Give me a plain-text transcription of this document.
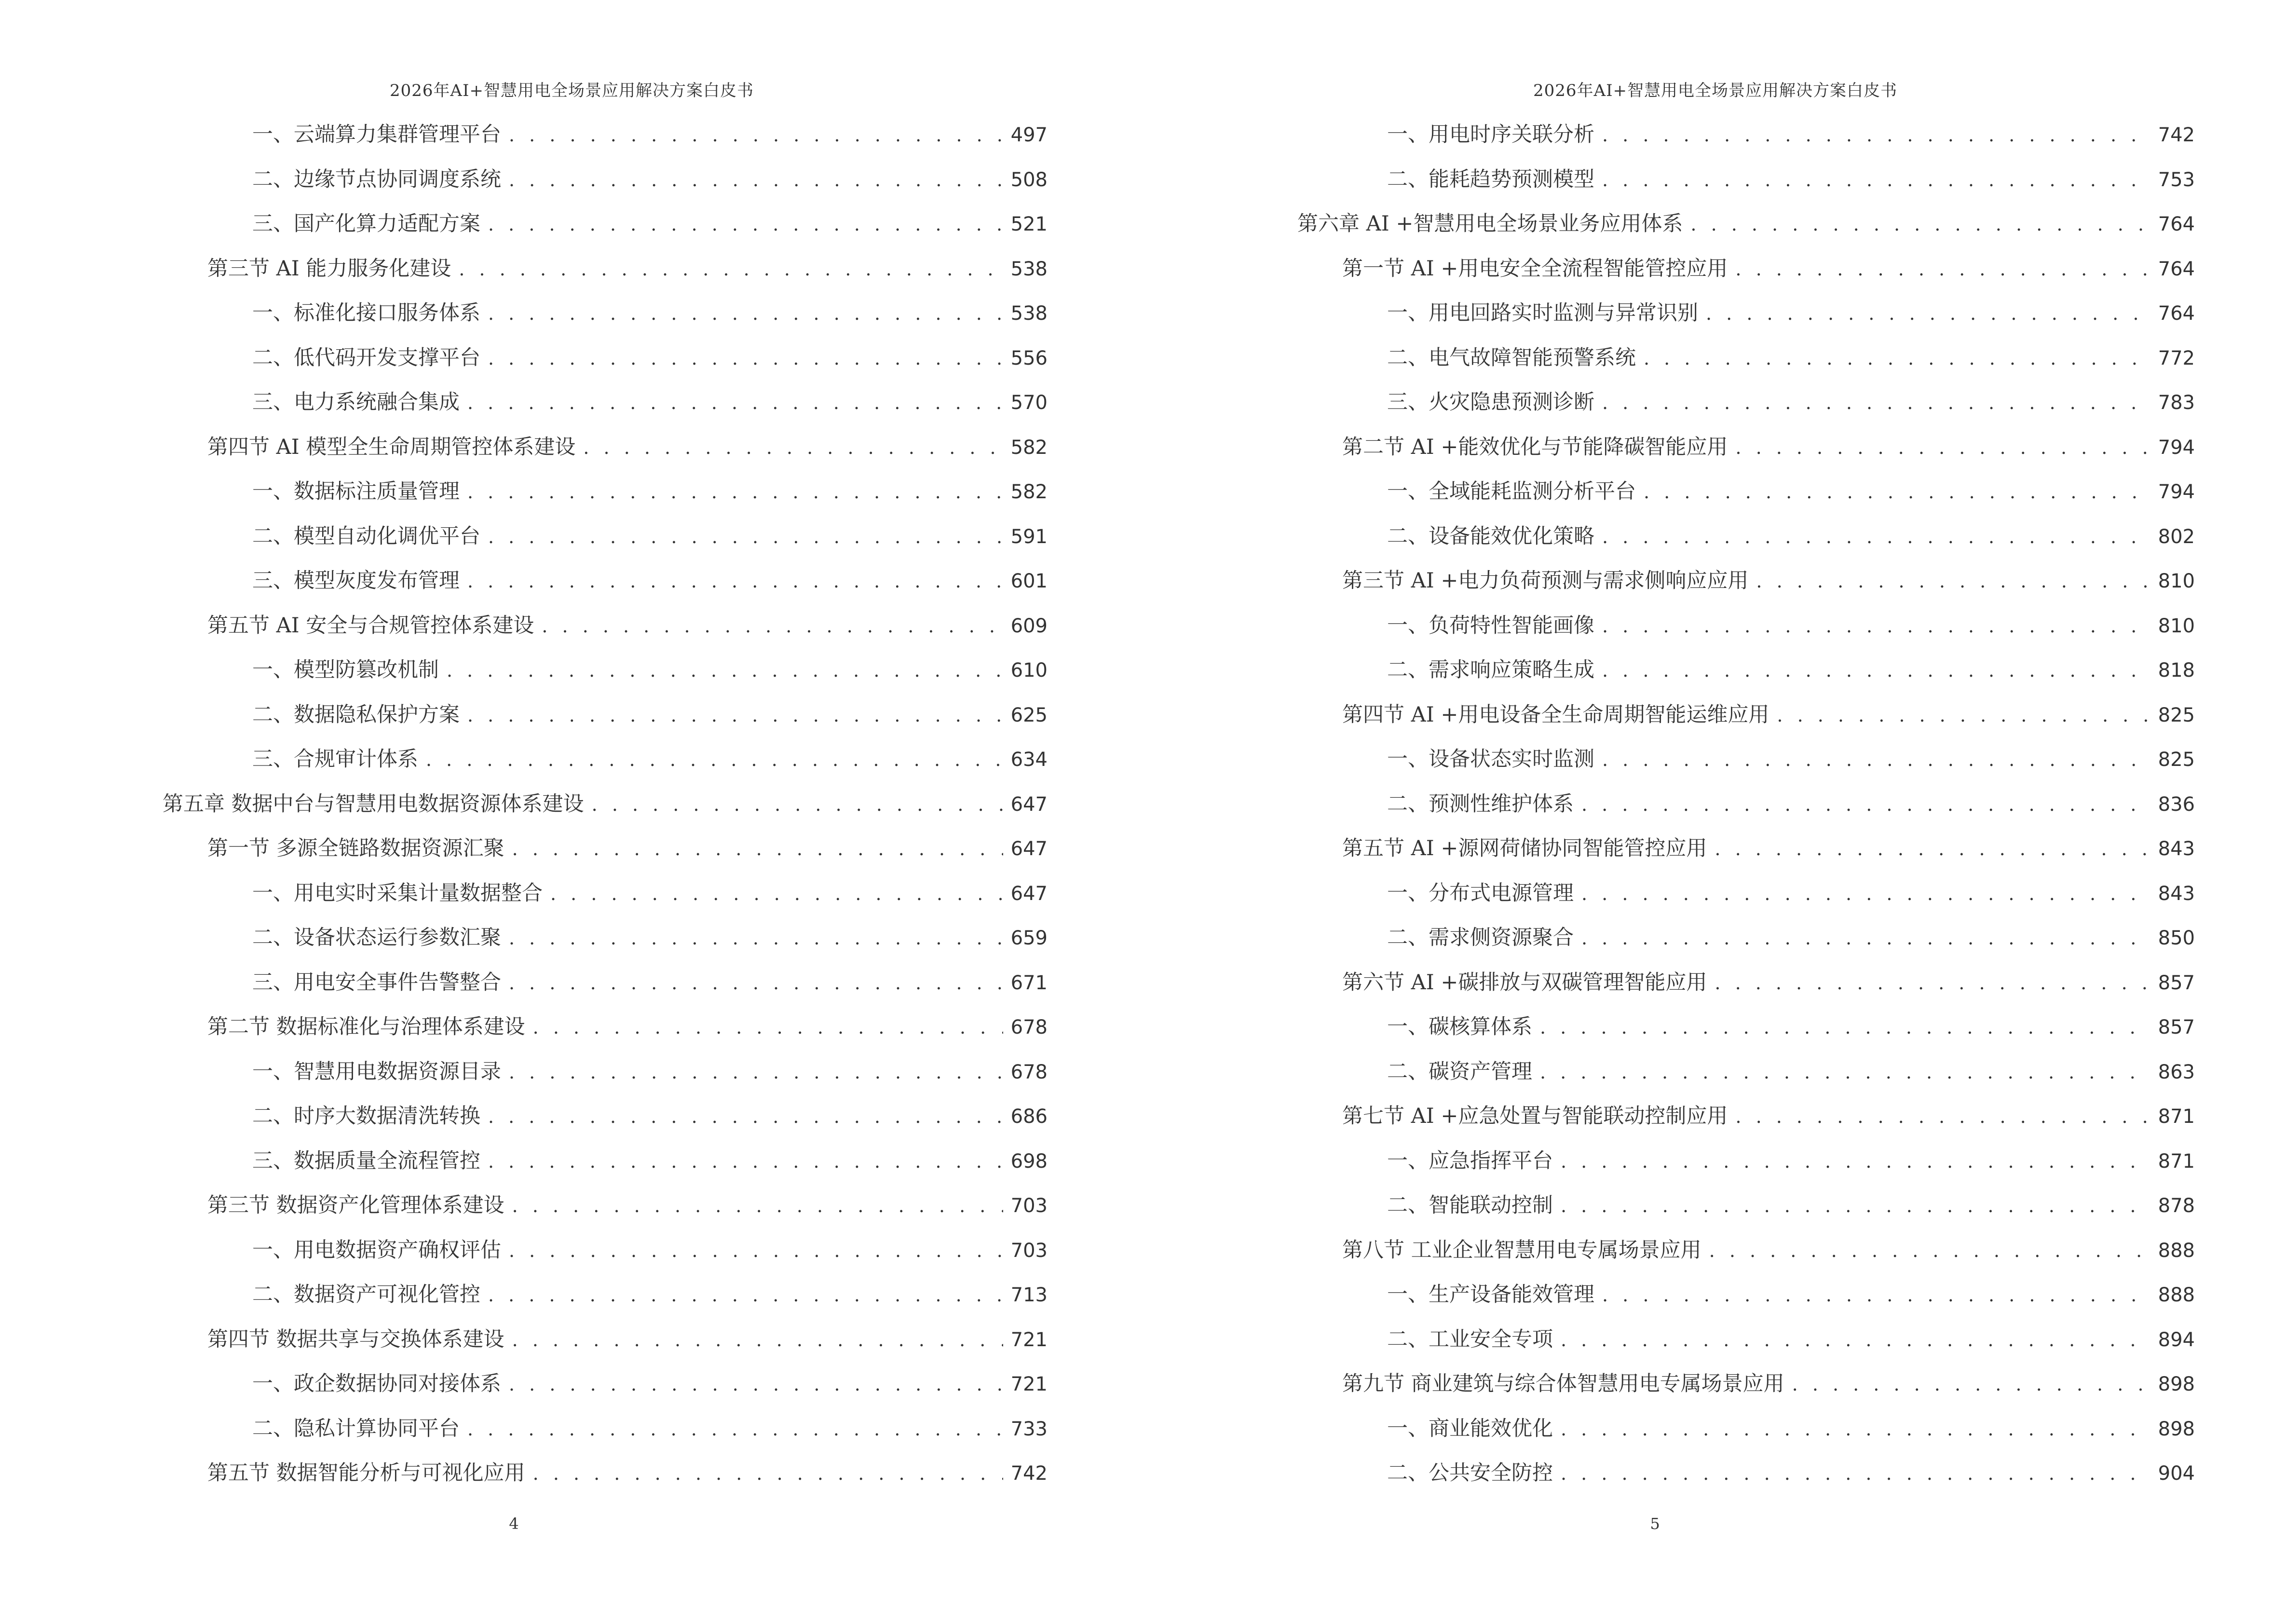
2026年AI+智慧用电全场景应用解决方案白皮书
一、云端算力集群管理平台 . . .	497
二、边缘节点协同调度系统 . . .	508
三、国产化算力适配方案 . . .	521
第三节 AI 能力服务化建设 . . .	538
一、标准化接口服务体系 . . .	538
二、低代码开发支撑平台 . . .	556
三、电力系统融合集成 . . .	570
第四节 AI 模型全生命周期管控体系建设 . . .	582
一、数据标注质量管理 . . .	582
二、模型自动化调优平台 . . .	591
三、模型灰度发布管理 . . .	601
第五节 AI 安全与合规管控体系建设 . . .	609
一、模型防篡改机制 . . .	610
二、数据隐私保护方案 . . .	625
三、合规审计体系 . . .	634
第五章 数据中台与智慧用电数据资源体系建设 . . .	647
第一节 多源全链路数据资源汇聚 . . .	647
一、用电实时采集计量数据整合 . . .	647
二、设备状态运行参数汇聚 . . .	659
三、用电安全事件告警整合 . . .	671
第二节 数据标准化与治理体系建设 . . .	678
一、智慧用电数据资源目录 . . .	678
二、时序大数据清洗转换 . . .	686
三、数据质量全流程管控 . . .	698
第三节 数据资产化管理体系建设 . . .	703
一、用电数据资产确权评估 . . .	703
二、数据资产可视化管控 . . .	713
第四节 数据共享与交换体系建设 . . .	721
一、政企数据协同对接体系 . . .	721
二、隐私计算协同平台 . . .	733
第五节 数据智能分析与可视化应用 . . .	742
4
2026年AI+智慧用电全场景应用解决方案白皮书
一、用电时序关联分析 . . .	742
二、能耗趋势预测模型 . . .	753
第六章 AI +智慧用电全场景业务应用体系 . . .	764
第一节 AI +用电安全全流程智能管控应用 . . .	764
一、用电回路实时监测与异常识别 . . .	764
二、电气故障智能预警系统 . . .	772
三、火灾隐患预测诊断 . . .	783
第二节 AI +能效优化与节能降碳智能应用 . . .	794
一、全域能耗监测分析平台 . . .	794
二、设备能效优化策略 . . .	802
第三节 AI +电力负荷预测与需求侧响应应用 . . .	810
一、负荷特性智能画像 . . .	810
二、需求响应策略生成 . . .	818
第四节 AI +用电设备全生命周期智能运维应用 . . .	825
一、设备状态实时监测 . . .	825
二、预测性维护体系 . . .	836
第五节 AI +源网荷储协同智能管控应用 . . .	843
一、分布式电源管理 . . .	843
二、需求侧资源聚合 . . .	850
第六节 AI +碳排放与双碳管理智能应用 . . .	857
一、碳核算体系 . . .	857
二、碳资产管理 . . .	863
第七节 AI +应急处置与智能联动控制应用 . . .	871
一、应急指挥平台 . . .	871
二、智能联动控制 . . .	878
第八节 工业企业智慧用电专属场景应用 . . .	888
一、生产设备能效管理 . . .	888
二、工业安全专项 . . .	894
第九节 商业建筑与综合体智慧用电专属场景应用 . . .	898
一、商业能效优化 . . .	898
二、公共安全防控 . . .	904
5
